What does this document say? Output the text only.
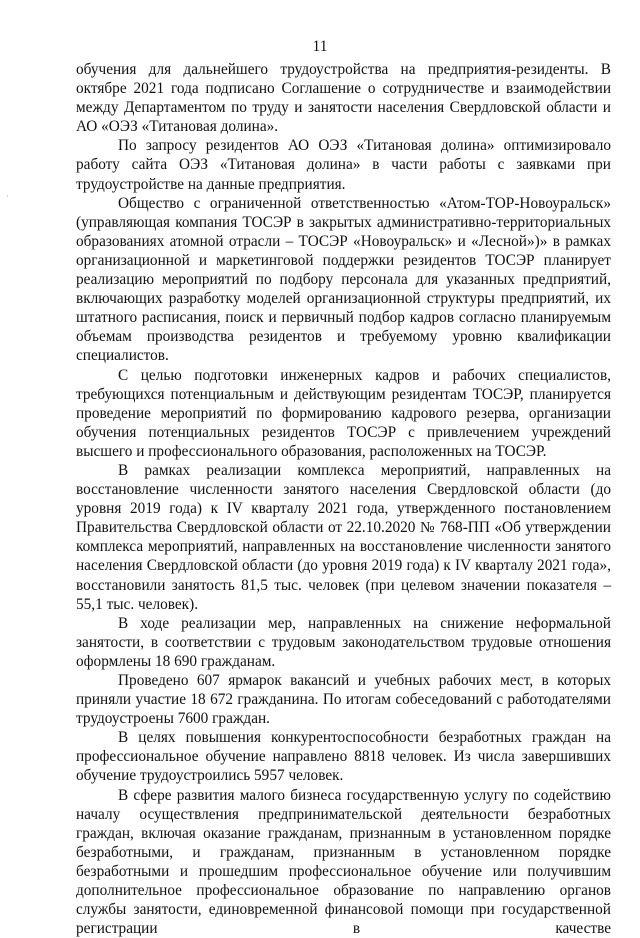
11
·

обучения для дальнейшего трудоустройства на предприятия-резиденты. В октябре 2021 года подписано Соглашение о сотрудничестве и взаимодействии между Департаментом по труду и занятости населения Свердловской области и АО «ОЭЗ «Титановая долина».

По запросу резидентов АО ОЭЗ «Титановая долина» оптимизировало работу сайта ОЭЗ «Титановая долина» в части работы с заявками при трудоустройстве на данные предприятия.

Общество с ограниченной ответственностью «Атом-ТОР-Новоуральск» (управляющая компания ТОСЭР в закрытых административно-территориальных образованиях атомной отрасли – ТОСЭР «Новоуральск» и «Лесной»)» в рамках организационной и маркетинговой поддержки резидентов ТОСЭР планирует реализацию мероприятий по подбору персонала для указанных предприятий, включающих разработку моделей организационной структуры предприятий, их штатного расписания, поиск и первичный подбор кадров согласно планируемым объемам производства резидентов и требуемому уровню квалификации специалистов.

С целью подготовки инженерных кадров и рабочих специалистов, требующихся потенциальным и действующим резидентам ТОСЭР, планируется проведение мероприятий по формированию кадрового резерва, организации обучения потенциальных резидентов ТОСЭР с привлечением учреждений высшего и профессионального образования, расположенных на ТОСЭР.

В рамках реализации комплекса мероприятий, направленных на восстановление численности занятого населения Свердловской области (до уровня 2019 года) к IV кварталу 2021 года, утвержденного постановлением Правительства Свердловской области от 22.10.2020 № 768-ПП «Об утверждении комплекса мероприятий, направленных на восстановление численности занятого населения Свердловской области (до уровня 2019 года) к IV кварталу 2021 года», восстановили занятость 81,5 тыс. человек (при целевом значении показателя – 55,1 тыс. человек).

В ходе реализации мер, направленных на снижение неформальной занятости, в соответствии с трудовым законодательством трудовые отношения оформлены 18 690 гражданам.

Проведено 607 ярмарок вакансий и учебных рабочих мест, в которых приняли участие 18 672 гражданина. По итогам собеседований с работодателями трудоустроены 7600 граждан.

В целях повышения конкурентоспособности безработных граждан на профессиональное обучение направлено 8818 человек. Из числа завершивших обучение трудоустроились 5957 человек.

В сфере развития малого бизнеса государственную услугу по содействию началу осуществления предпринимательской деятельности безработных граждан, включая оказание гражданам, признанным в установленном порядке безработными, и гражданам, признанным в установленном порядке безработными и прошедшим профессиональное обучение или получившим дополнительное профессиональное образование по направлению органов службы занятости, единовременной финансовой помощи при государственной регистрации в качестве
